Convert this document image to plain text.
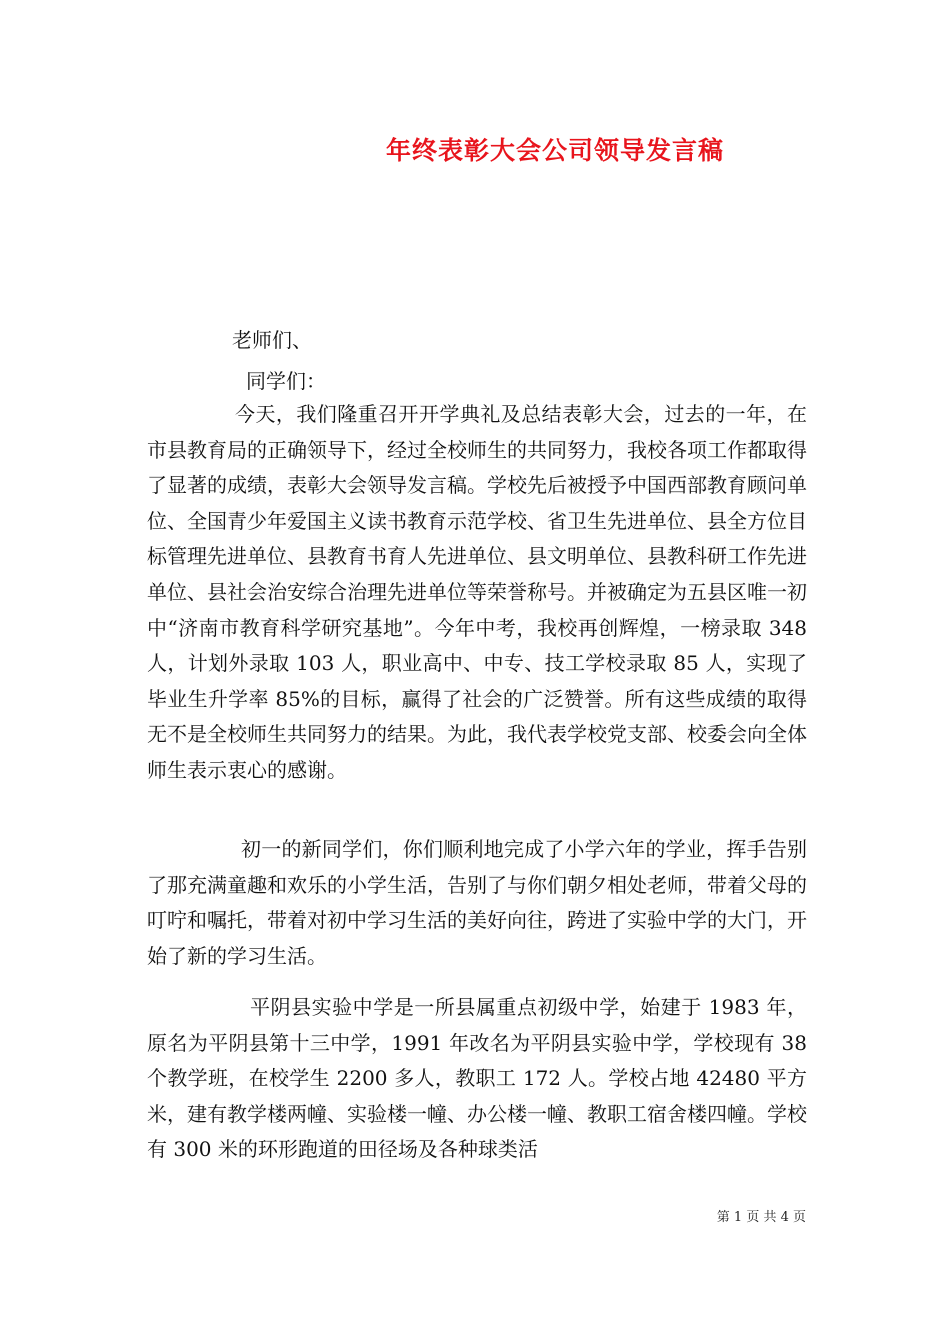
年终表彰大会公司领导发言稿

老师们、

同学们：

今天，我们隆重召开开学典礼及总结表彰大会，过去的一年，在市县教育局的正确领导下，经过全校师生的共同努力，我校各项工作都取得了显著的成绩，表彰大会领导发言稿。学校先后被授予中国西部教育顾问单位、全国青少年爱国主义读书教育示范学校、省卫生先进单位、县全方位目标管理先进单位、县教育书育人先进单位、县文明单位、县教科研工作先进单位、县社会治安综合治理先进单位等荣誉称号。并被确定为五县区唯一初中“济南市教育科学研究基地”。今年中考，我校再创辉煌，一榜录取 348 人，计划外录取 103 人，职业高中、中专、技工学校录取 85 人，实现了毕业生升学率 85%的目标，赢得了社会的广泛赞誉。所有这些成绩的取得无不是全校师生共同努力的结果。为此，我代表学校党支部、校委会向全体师生表示衷心的感谢。

初一的新同学们，你们顺利地完成了小学六年的学业，挥手告别了那充满童趣和欢乐的小学生活，告别了与你们朝夕相处老师，带着父母的叮咛和嘱托，带着对初中学习生活的美好向往，跨进了实验中学的大门，开始了新的学习生活。

平阴县实验中学是一所县属重点初级中学，始建于 1983 年，原名为平阴县第十三中学，1991 年改名为平阴县实验中学，学校现有 38 个教学班，在校学生 2200 多人，教职工 172 人。学校占地 42480 平方米，建有教学楼两幢、实验楼一幢、办公楼一幢、教职工宿舍楼四幢。学校有 300 米的环形跑道的田径场及各种球类活

第 1 页 共 4 页
